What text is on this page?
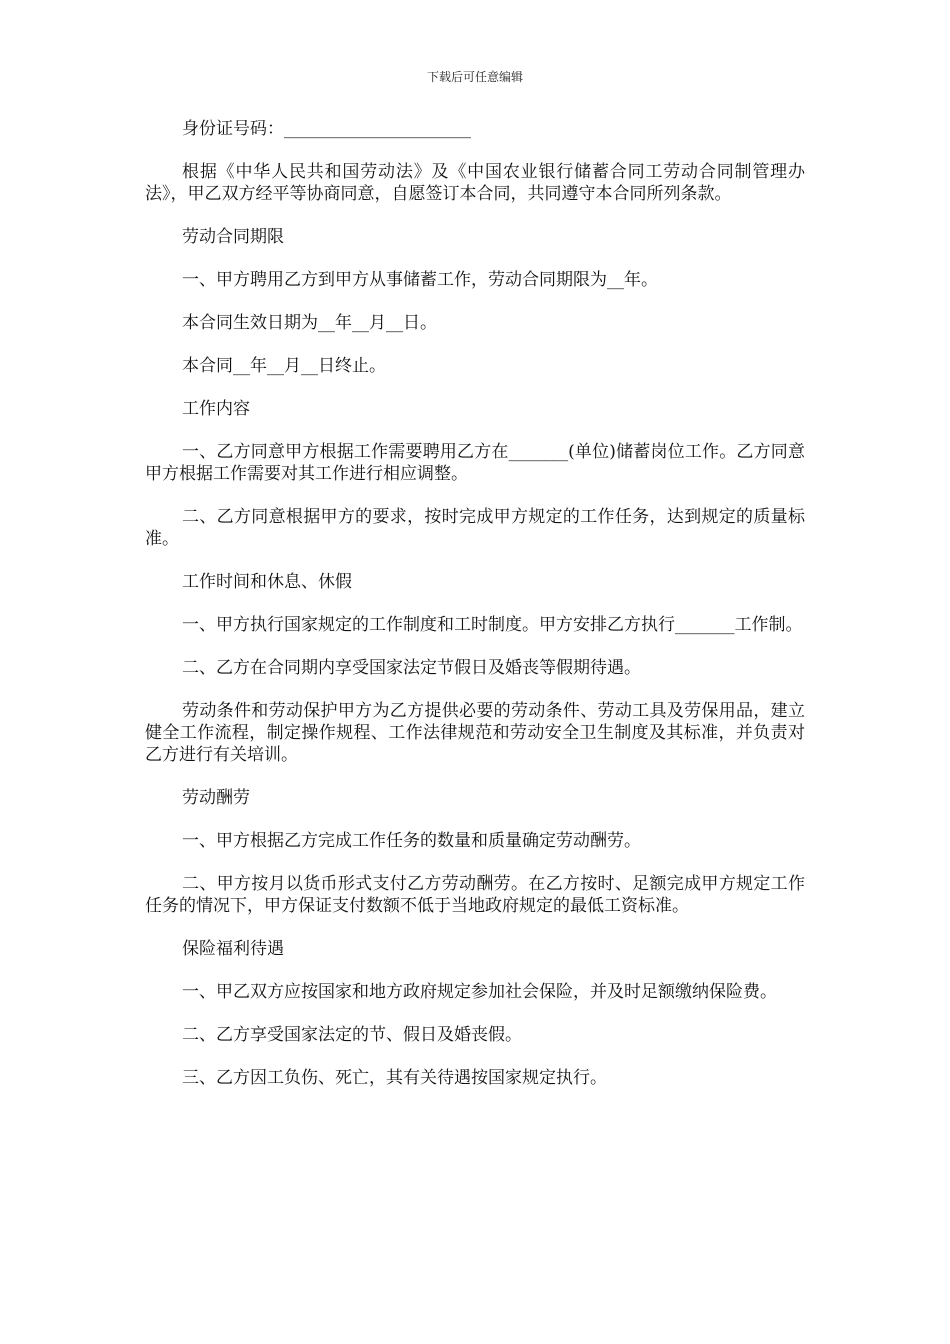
下载后可任意编辑

身份证号码：______________________

根据《中华人民共和国劳动法》及《中国农业银行储蓄合同工劳动合同制管理办法》，甲乙双方经平等协商同意，自愿签订本合同，共同遵守本合同所列条款。

劳动合同期限

一、甲方聘用乙方到甲方从事储蓄工作，劳动合同期限为__年。

本合同生效日期为__年__月__日。

本合同__年__月__日终止。

工作内容

一、乙方同意甲方根据工作需要聘用乙方在_______(单位)储蓄岗位工作。乙方同意甲方根据工作需要对其工作进行相应调整。

二、乙方同意根据甲方的要求，按时完成甲方规定的工作任务，达到规定的质量标准。

工作时间和休息、休假

一、甲方执行国家规定的工作制度和工时制度。甲方安排乙方执行_______工作制。

二、乙方在合同期内享受国家法定节假日及婚丧等假期待遇。

劳动条件和劳动保护甲方为乙方提供必要的劳动条件、劳动工具及劳保用品，建立健全工作流程，制定操作规程、工作法律规范和劳动安全卫生制度及其标准，并负责对乙方进行有关培训。

劳动酬劳

一、甲方根据乙方完成工作任务的数量和质量确定劳动酬劳。

二、甲方按月以货币形式支付乙方劳动酬劳。在乙方按时、足额完成甲方规定工作任务的情况下，甲方保证支付数额不低于当地政府规定的最低工资标准。

保险福利待遇

一、甲乙双方应按国家和地方政府规定参加社会保险，并及时足额缴纳保险费。

二、乙方享受国家法定的节、假日及婚丧假。

三、乙方因工负伤、死亡，其有关待遇按国家规定执行。
